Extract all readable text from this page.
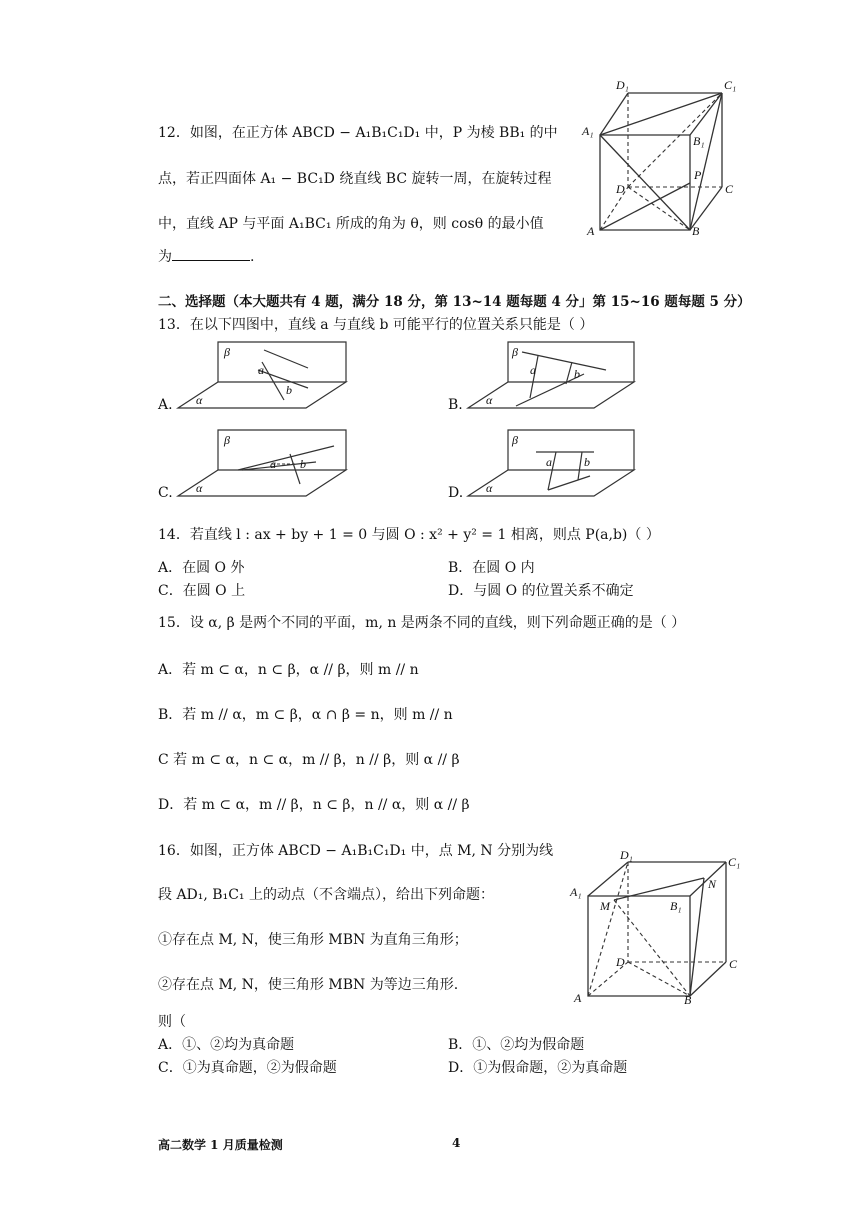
12．如图，在正方体 ABCD − A₁B₁C₁D₁ 中，P 为棱 BB₁ 的中
点，若正四面体 A₁ − BC₁D 绕直线 BC 旋转一周，在旋转过程
中，直线 AP 与平面 A₁BC₁ 所成的角为 θ，则 cosθ 的最小值
为	.
D₁	C₁
A₁
B₁
D
P
C
A	B
二、选择题（本大题共有 4 题，满分 18 分，第 13~14 题每题 4 分」第 15~16 题每题 5 分）
13．在以下四图中，直线 a 与直线 b 可能平行的位置关系只能是（ ）
A.	B.
C.	D.
β
α
a
b
β
α
a	b
β
α
a b
β
α
a	b
14．若直线 l : ax + by + 1 = 0 与圆 O : x² + y² = 1 相离，则点 P(a,b)（ ）
A．在圆 O 外	B．在圆 O 内
C．在圆 O 上	D．与圆 O 的位置关系不确定
15．设 α, β 是两个不同的平面，m, n 是两条不同的直线，则下列命题正确的是（ ）
A．若 m ⊂ α，n ⊂ β，α // β，则 m // n
B．若 m // α，m ⊂ β，α ∩ β = n，则 m // n
C 若 m ⊂ α，n ⊂ α，m // β，n // β，则 α // β
D．若 m ⊂ α，m // β，n ⊂ β，n // α，则 α // β
16．如图，正方体 ABCD − A₁B₁C₁D₁ 中，点 M, N 分别为线
段 AD₁, B₁C₁ 上的动点（不含端点），给出下列命题：
①存在点 M, N，使三角形 MBN 为直角三角形；
②存在点 M, N，使三角形 MBN 为等边三角形.
则（
A．①、②均为真命题	B．①、②均为假命题
C．①为真命题，②为假命题	D．①为假命题，②为真命题
D₁	C₁
A₁
M	B₁
N
D	C
A	B
高二数学 1 月质量检测	4
